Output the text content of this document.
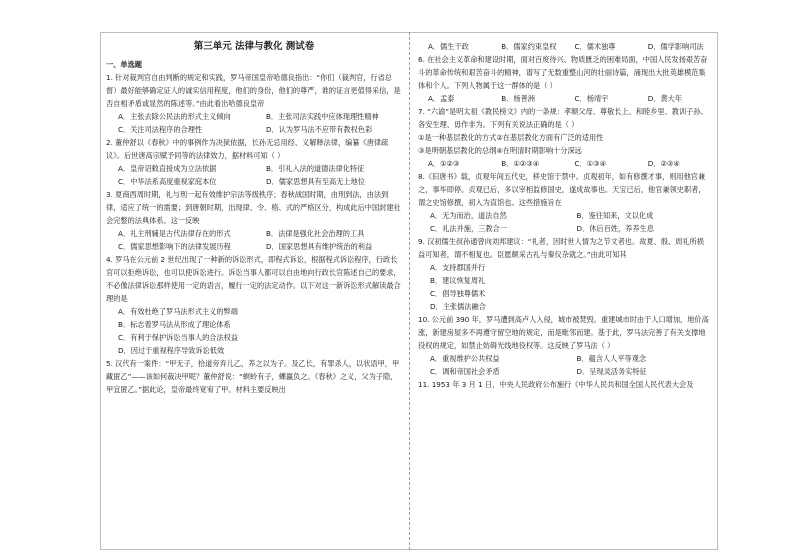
第三单元 法律与教化 测试卷

一、单选题

1. 针对裁判官自由判断的规定和实践，罗马帝国皇帝哈德良指出：“你们（裁判官，行省总督）最好能够确定证人的诚实信用程度，他们的身份，他们的尊严，谁的证言更值得采信，是否自相矛盾或显然的陈述等。”由此看出哈德良皇帝

A．主张去除公民法的形式主义倾向	B．主张司法实践中应体现理性精神
C．关注司法程序的合理性	D．认为罗马法不应带有教权色彩

2. 董仲舒以《春秋》中的事例作为决狱依据，长孙无忌用经、义解释法律，编纂《唐律疏议》。后世唐高宗赋予同等的法律效力，据材料可知（ ）

A．皇帝诏敕直接成为立法依据	B．引礼入法的道德法律化特征
C．中华法系高度重视家庭本位	D．儒家思想具有至高无上地位

3. 夏商西周时期，礼与刑一起有效维护宗法等级秩序；春秋战国时期，由刑到法，由法到律，适应了统一的需要；到唐朝时期，出现律、令、格、式的严格区分，构成此后中国封建社会完整的法典体系。这一反映

A．礼主刑辅是古代法律存在的形式	B．法律是强化社会治理的工具
C．儒家思想影响下的法律发展历程	D．国家思想具有维护统治的利益

4. 罗马在公元前 2 世纪出现了一种新的诉讼形式，即程式诉讼，根据程式诉讼程序，行政长官可以拒绝诉讼，也可以使诉讼进行。诉讼当事人都可以自由地向行政长官陈述自己的要求，不必像法律诉讼那样使用一定的语言，履行一定的法定动作。以下对这一新诉讼形式解读最合理的是

A．有效杜绝了罗马法形式主义的弊端
B．标志着罗马法从形成了理论体系
C．有利于保护诉讼当事人的合法权益
D．因过于重视程序导致诉讼低效

5. 汉代有一案件：“甲无子，拾道旁弃儿乙，养之以为子。及乙长，有罪杀人，以状语甲，甲藏匿乙”——该如何裁决甲呢？董仲舒说：“螟蛉有子，蜾蠃负之。《春秋》之义，父为子隐，甲宜匿乙。”据此论，皇帝最终宽宥了甲。材料主要反映出

A．儒生干政	B．儒家约束皇权	C．儒术独尊	D．儒学影响司法

6. 在社会主义革命和建设时期，面对百废待兴、物质匮乏的困难局面，中国人民发扬艰苦奋斗的革命传统和艰苦奋斗的精神，谱写了无数重整山河的壮丽诗篇，涌现出大批英雄模范集体和个人。下列人物属于这一群体的是（ ）

A．孟泰	B．杨善洲	C．杨靖宇	D．黄大年

7. “六谕”是明太祖《教民榜文》内的一条规：孝顺父母、尊敬长上、和睦乡里、教训子孙、各安生理、毋作非为。下列有关说法正确的是（ ）

①是一种基层教化的方式②在基层教化方面有广泛的适用性

③是明朝基层教化的总纲④在明清时期影响十分深远

A．①②③	B．①②③④	C．①③④	D．②③④

8.《旧唐书》载，贞观年间五代史，移史馆于禁中。贞观初年，如有修撰才事，则用他官兼之，事毕即停。贞观已后，多以宰相监修国史，遂成故事也。天宝已后，他官兼领史职者，谓之史馆修撰，初入为直馆也。这些措施旨在

A．无为而治，道法自然	B．鉴往知来，文以化成
C．礼法并施，三教合一	D．休后百姓，养养生息

9. 汉初儒生叔孙通曾向刘邦建议：“礼者，因时世人情为之节文者也。故夏、殷、周礼所损益可知者，谓不相复也。臣愿颇采古礼与秦仪杂就之。”由此可知其

A．支持郡国并行
B．建议恢复周礼
C．倡导独尊儒术
D．主张儒法融合

10. 公元前 390 年，罗马遭到高卢人入侵，城市被焚毁。重建城市时由于人口增加，地价高涨，新建房屋多不再遵守留空地的规定，而是毗邻而建。基于此，罗马法完善了有关支撑地役权的规定，如禁止妨碍光线地役权等。这反映了罗马法（ ）

A．重视维护公共权益	B．蕴含人人平等观念
C．调和帝国社会矛盾	D．呈现灵活务实特征

11. 1953 年 3 月 1 日，中央人民政府公布施行《中华人民共和国全国人民代表大会及
